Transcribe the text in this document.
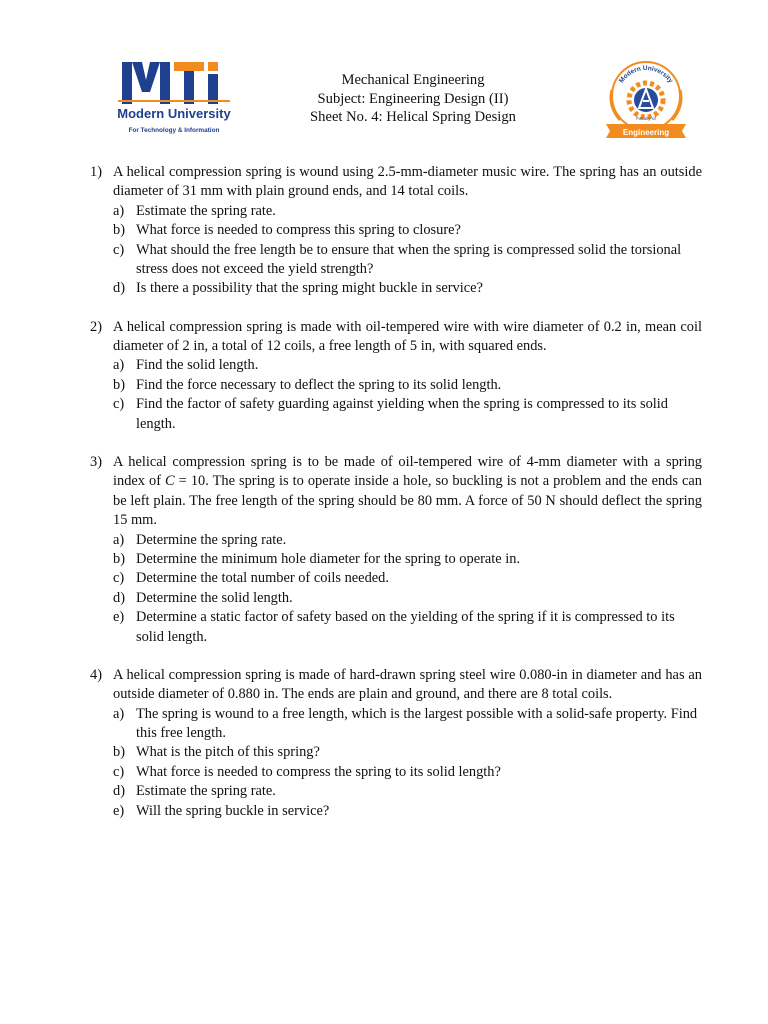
Modern University
For Technology & Information
Mechanical Engineering
Subject: Engineering Design (II)
Sheet No. 4: Helical Spring Design
Modern University
Faculty of
Engineering
1) A helical compression spring is wound using 2.5-mm-diameter music wire. The spring has an outside diameter of 31 mm with plain ground ends, and 14 total coils.
a) Estimate the spring rate.
b) What force is needed to compress this spring to closure?
c) What should the free length be to ensure that when the spring is compressed solid the torsional stress does not exceed the yield strength?
d) Is there a possibility that the spring might buckle in service?
2) A helical compression spring is made with oil-tempered wire with wire diameter of 0.2 in, mean coil diameter of 2 in, a total of 12 coils, a free length of 5 in, with squared ends.
a) Find the solid length.
b) Find the force necessary to deflect the spring to its solid length.
c) Find the factor of safety guarding against yielding when the spring is compressed to its solid length.
3) A helical compression spring is to be made of oil-tempered wire of 4-mm diameter with a spring index of C = 10. The spring is to operate inside a hole, so buckling is not a problem and the ends can be left plain. The free length of the spring should be 80 mm. A force of 50 N should deflect the spring 15 mm.
a) Determine the spring rate.
b) Determine the minimum hole diameter for the spring to operate in.
c) Determine the total number of coils needed.
d) Determine the solid length.
e) Determine a static factor of safety based on the yielding of the spring if it is compressed to its solid length.
4) A helical compression spring is made of hard-drawn spring steel wire 0.080-in in diameter and has an outside diameter of 0.880 in. The ends are plain and ground, and there are 8 total coils.
a) The spring is wound to a free length, which is the largest possible with a solid-safe property. Find this free length.
b) What is the pitch of this spring?
c) What force is needed to compress the spring to its solid length?
d) Estimate the spring rate.
e) Will the spring buckle in service?
